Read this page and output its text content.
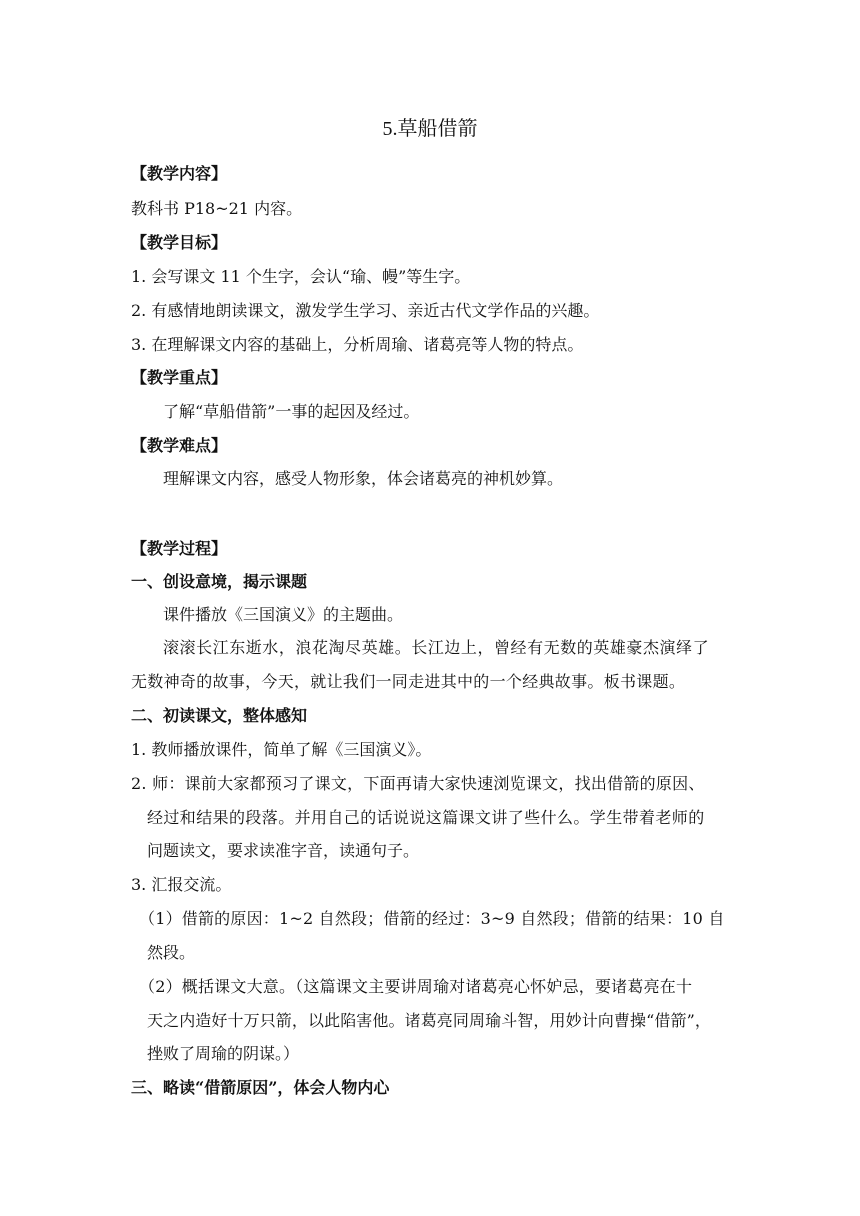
5.草船借箭
【教学内容】
教科书 P18~21 内容。
【教学目标】
1. 会写课文 11 个生字，会认“瑜、幔”等生字。
2. 有感情地朗读课文，激发学生学习、亲近古代文学作品的兴趣。
3. 在理解课文内容的基础上，分析周瑜、诸葛亮等人物的特点。
【教学重点】
了解“草船借箭”一事的起因及经过。
【教学难点】
理解课文内容，感受人物形象，体会诸葛亮的神机妙算。
【教学过程】
一、创设意境，揭示课题
课件播放《三国演义》的主题曲。
滚滚长江东逝水，浪花淘尽英雄。长江边上，曾经有无数的英雄豪杰演绎了
无数神奇的故事，今天，就让我们一同走进其中的一个经典故事。板书课题。
二、初读课文，整体感知
1. 教师播放课件，简单了解《三国演义》。
2. 师：课前大家都预习了课文，下面再请大家快速浏览课文，找出借箭的原因、
经过和结果的段落。并用自己的话说说这篇课文讲了些什么。学生带着老师的
问题读文，要求读准字音，读通句子。
3. 汇报交流。
（1）借箭的原因：1~2 自然段；借箭的经过：3~9 自然段；借箭的结果：10 自
然段。
（2）概括课文大意。（这篇课文主要讲周瑜对诸葛亮心怀妒忌，要诸葛亮在十
天之内造好十万只箭，以此陷害他。诸葛亮同周瑜斗智，用妙计向曹操“借箭”，
挫败了周瑜的阴谋。）
三、略读“借箭原因”，体会人物内心
